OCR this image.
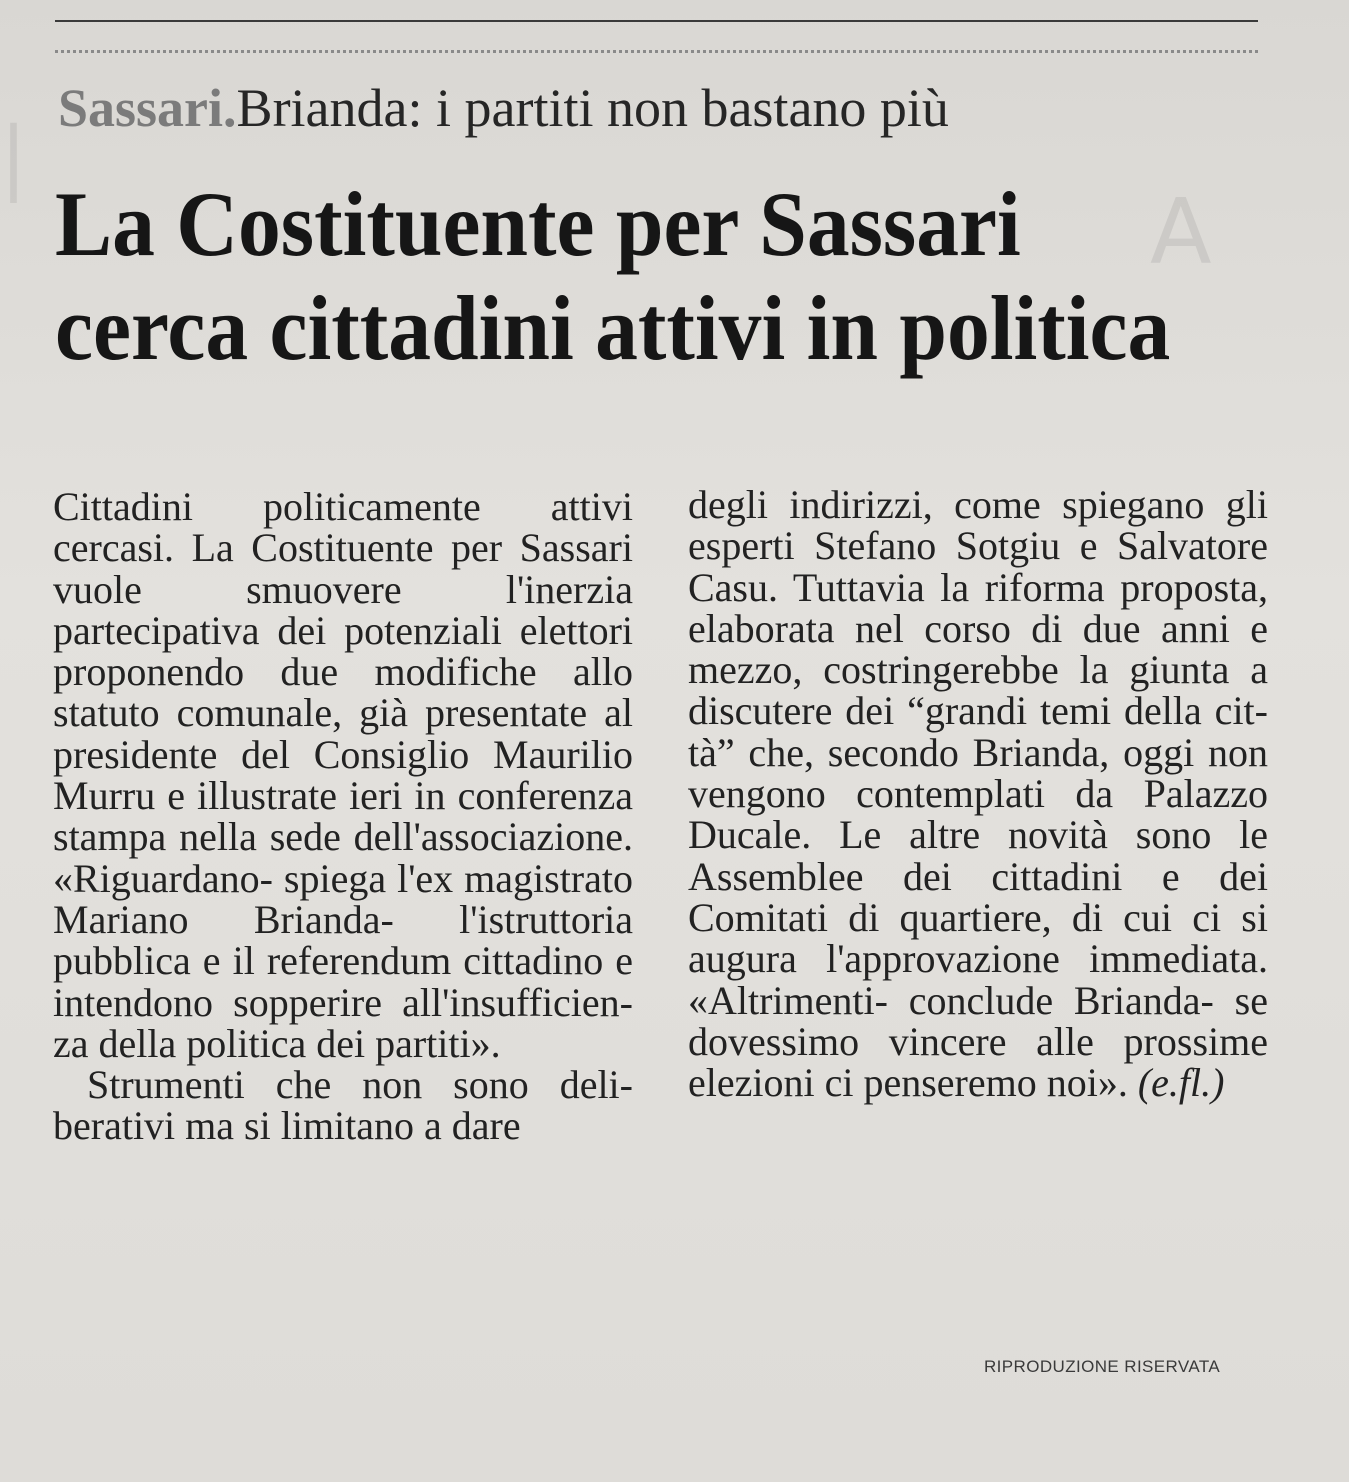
A
|
Sassari.Brianda: i partiti non bastano più
La Costituente per Sassari
cerca cittadini attivi in politica

Cittadini politicamente attivi cercasi. La Costituente per Sassari vuole smuovere l'inerzia partecipativa dei potenziali elettori proponendo due modifiche allo statuto comunale, già presentate al presidente del Consiglio Maurilio Murru e illustrate ieri in conferenza stampa nella sede dell'associazione. «Riguardano- spiega l'ex magistrato Mariano Brianda- l'istruttoria pubblica e il referendum cittadino e intendono sopperire all'insufficienza della politica dei partiti».

Strumenti che non sono deliberativi ma si limitano a dare

degli indirizzi, come spiegano gli esperti Stefano Sotgiu e Salvatore Casu. Tuttavia la riforma proposta, elaborata nel corso di due anni e mezzo, costringerebbe la giunta a discutere dei “grandi temi della città” che, secondo Brianda, oggi non vengono contemplati da Palazzo Ducale. Le altre novità sono le Assemblee dei cittadini e dei Comitati di quartiere, di cui ci si augura l'approvazione immediata. «Altrimenti- conclude Brianda- se dovessimo vincere alle prossime elezioni ci penseremo noi». (e.fl.)

RIPRODUZIONE RISERVATA
